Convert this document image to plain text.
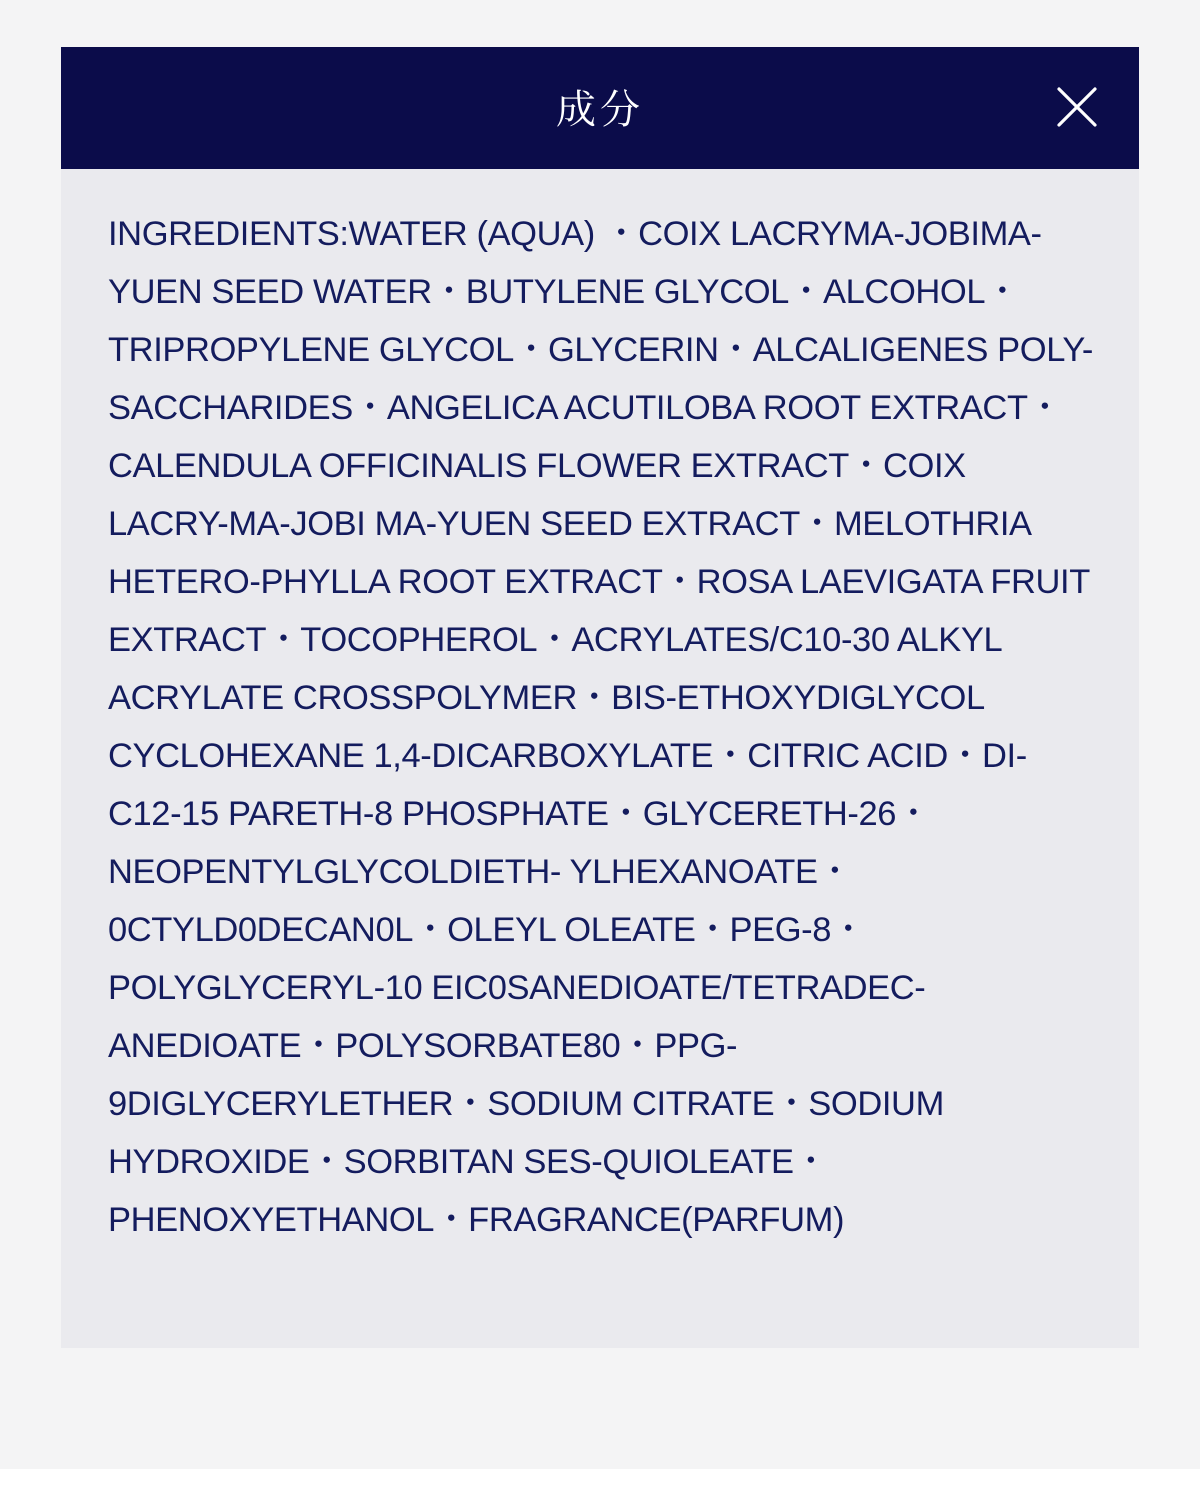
成分

INGREDIENTS:WATER (AQUA) ・COIX LACRYMA-JOBIMA-YUEN SEED WATER・BUTYLENE GLYCOL・ALCOHOL・TRIPROPYLENE GLYCOL・GLYCERIN・ALCALIGENES POLY-SACCHARIDES・ANGELICA ACUTILOBA ROOT EXTRACT・CALENDULA OFFICINALIS FLOWER EXTRACT・COIX LACRY-MA-JOBI MA-YUEN SEED EXTRACT・MELOTHRIA HETERO-PHYLLA ROOT EXTRACT・ROSA LAEVIGATA FRUIT EXTRACT・TOCOPHEROL・ACRYLATES/C10-30 ALKYL ACRYLATE CROSSPOLYMER・BIS-ETHOXYDIGLYCOL CYCLOHEXANE 1,4-DICARBOXYLATE・CITRIC ACID・DI-C12-15 PARETH-8 PHOSPHATE・GLYCERETH-26・NEOPENTYLGLYCOLDIETH- YLHEXANOATE・0CTYLD0DECAN0L・OLEYL OLEATE・PEG-8・POLYGLYCERYL-10 EIC0SANEDIOATE/TETRADEC-ANEDIOATE・POLYSORBATE80・PPG-9DIGLYCERYLETHER・SODIUM CITRATE・SODIUM HYDROXIDE・SORBITAN SES-QUIOLEATE・PHENOXYETHANOL・FRAGRANCE(PARFUM)
